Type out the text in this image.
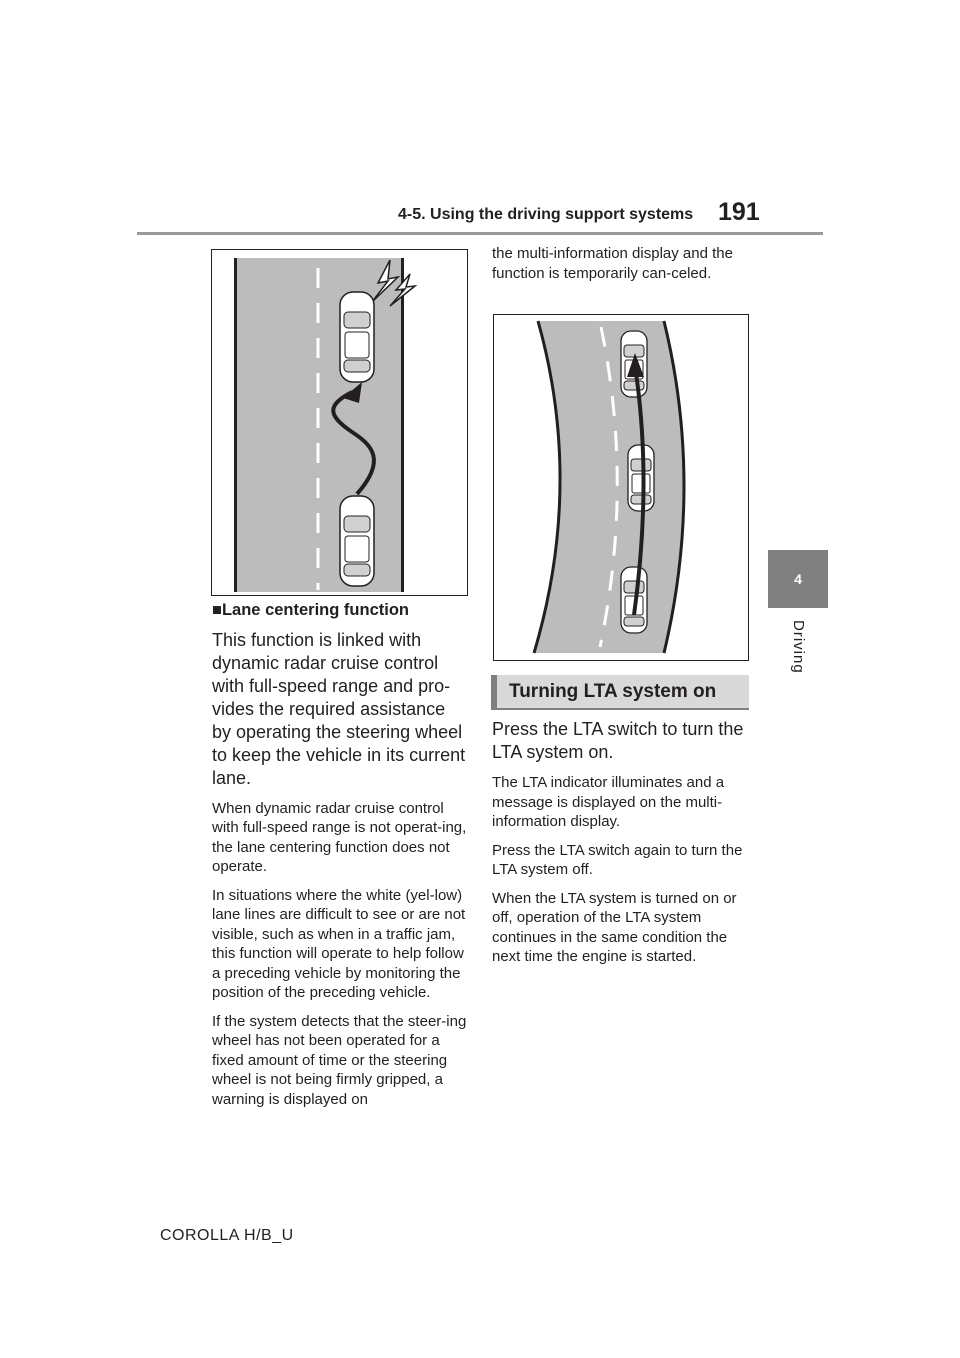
4-5. Using the driving support systems 191
4
Driving
■Lane centering function

This function is linked with dynamic radar cruise control with full-speed range and pro-vides the required assistance by operating the steering wheel to keep the vehicle in its current lane.

When dynamic radar cruise control with full-speed range is not operat-ing, the lane centering function does not operate.

In situations where the white (yel-low) lane lines are difficult to see or are not visible, such as when in a traffic jam, this function will operate to help follow a preceding vehicle by monitoring the position of the preceding vehicle.

If the system detects that the steer-ing wheel has not been operated for a fixed amount of time or the steering wheel is not being firmly gripped, a warning is displayed on

the multi-information display and the function is temporarily can-celed.

Turning LTA system on

Press the LTA switch to turn the LTA system on.

The LTA indicator illuminates and a message is displayed on the multi-information display.

Press the LTA switch again to turn the LTA system off.

When the LTA system is turned on or off, operation of the LTA system continues in the same condition the next time the engine is started.

COROLLA H/B_U
